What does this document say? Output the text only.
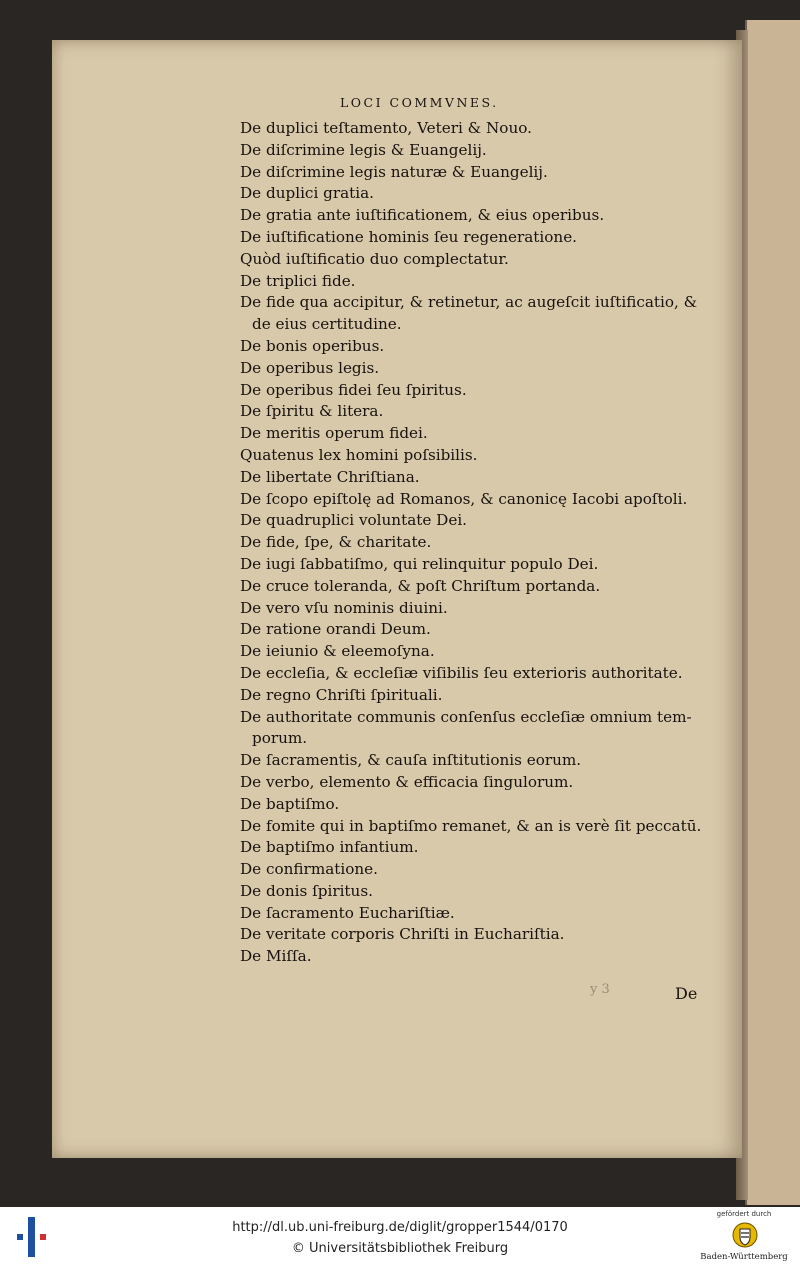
LOCI COMMVNES.
De duplici teſtamento, Veteri & Nouo.
De diſcrimine legis & Euangelij.
De diſcrimine legis naturæ & Euangelij.
De duplici gratia.
De gratia ante iuſtificationem, & eius operibus.
De iuſtificatione hominis ſeu regeneratione.
Quòd iuſtificatio duo complectatur.
De triplici fide.
De fide qua accipitur, & retinetur, ac augeſcit iuſtificatio, &
de eius certitudine.
De bonis operibus.
De operibus legis.
De operibus fidei ſeu ſpiritus.
De ſpiritu & litera.
De meritis operum fidei.
Quatenus lex homini poſsibilis.
De libertate Chriſtiana.
De ſcopo epiſtolę ad Romanos, & canonicę Iacobi apoſtoli.
De quadruplici voluntate Dei.
De fide, ſpe, & charitate.
De iugi ſabbatiſmo, qui relinquitur populo Dei.
De cruce toleranda, & poſt Chriſtum portanda.
De vero vſu nominis diuini.
De ratione orandi Deum.
De ieiunio & eleemoſyna.
De eccleſia, & eccleſiæ viſibilis ſeu exterioris authoritate.
De regno Chriſti ſpirituali.
De authoritate communis conſenſus eccleſiæ omnium tem-
porum.
De ſacramentis, & cauſa inſtitutionis eorum.
De verbo, elemento & efficacia ſingulorum.
De baptiſmo.
De fomite qui in baptiſmo remanet, & an is verè ſit peccatū.
De baptiſmo infantium.
De confirmatione.
De donis ſpiritus.
De ſacramento Euchariſtiæ.
De veritate corporis Chriſti in Euchariſtia.
De Miſſa.
y 3	De
http://dl.ub.uni-freiburg.de/diglit/gropper1544/0170
© Universitätsbibliothek Freiburg
gefördert durch
Baden-Württemberg
